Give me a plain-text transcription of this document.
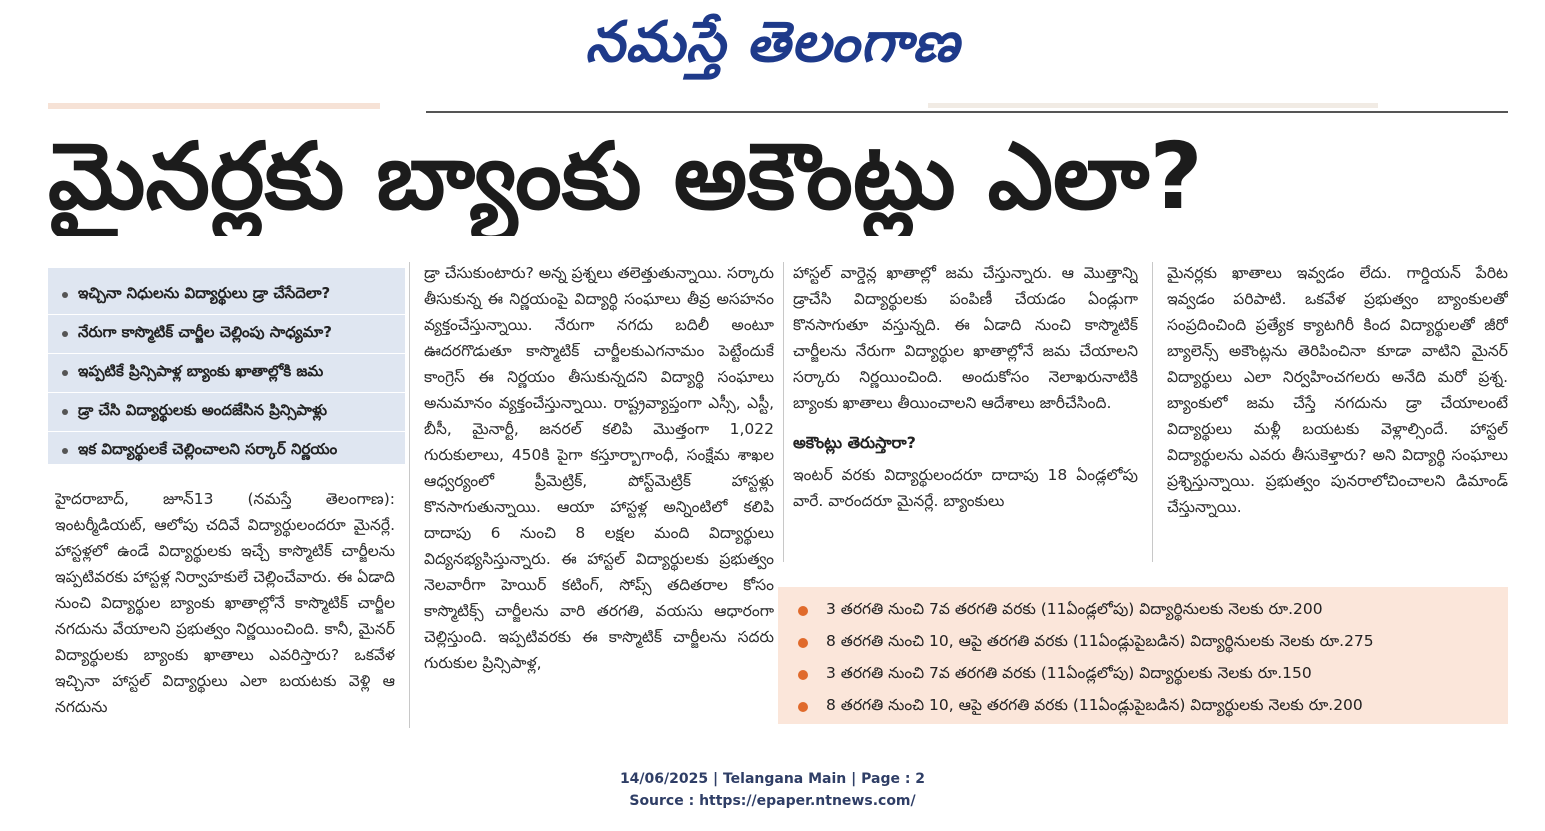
నమస్తే తెలంగాణ
మైనర్లకు బ్యాంకు అకౌంట్లు ఎలా?
ఇచ్చినా నిధులను విద్యార్థులు డ్రా చేసేదెలా?
నేరుగా కాస్మొటిక్ చార్జీల చెల్లింపు సాధ్యమా?
ఇప్పటికే ప్రిన్సిపాళ్ల బ్యాంకు ఖాతాల్లోకి జమ
డ్రా చేసి విద్యార్థులకు అందజేసిన ప్రిన్సిపాళ్లు
ఇక విద్యార్థులకే చెల్లించాలని సర్కార్ నిర్ణయం

హైదరాబాద్, జూన్13 (నమస్తే తెలంగాణ): ఇంటర్మీడియట్, ఆలోపు చదివే విద్యార్థులందరూ మైనర్లే. హాస్టళ్లలో ఉండే విద్యార్థులకు ఇచ్చే కాస్మొటిక్ చార్జీలను ఇప్పటివరకు హాస్టళ్ల నిర్వాహకులే చెల్లించేవారు. ఈ ఏడాది నుంచి విద్యార్థుల బ్యాంకు ఖాతాల్లోనే కాస్మొటిక్ చార్జీల నగదును వేయాలని ప్రభుత్వం నిర్ణయించింది. కానీ, మైనర్ విద్యార్థులకు బ్యాంకు ఖాతాలు ఎవరిస్తారు? ఒకవేళ ఇచ్చినా హాస్టల్ విద్యార్థులు ఎలా బయటకు వెళ్లి ఆ నగదును

డ్రా చేసుకుంటారు? అన్న ప్రశ్నలు తలెత్తుతున్నాయి. సర్కారు తీసుకున్న ఈ నిర్ణయంపై విద్యార్థి సంఘాలు తీవ్ర అసహనం వ్యక్తంచేస్తున్నాయి. నేరుగా నగదు బదిలీ అంటూ ఊదరగొడుతూ కాస్మొటిక్ చార్జీలకుఎగనామం పెట్టేందుకే కాంగ్రెస్ ఈ నిర్ణయం తీసుకున్నదని విద్యార్థి సంఘాలు అనుమానం వ్యక్తంచేస్తున్నాయి. రాష్ట్రవ్యాప్తంగా ఎస్సీ, ఎస్టీ, బీసీ, మైనార్టీ, జనరల్ కలిపి మొత్తంగా 1,022 గురుకులాలు, 450కి పైగా కస్తూర్బాగాంధీ, సంక్షేమ శాఖల ఆధ్వర్యంలో ప్రీమెట్రిక్, పోస్ట్‌మెట్రిక్ హాస్టళ్లు కొనసాగుతున్నాయి. ఆయా హాస్టళ్ల అన్నింటిలో కలిపి దాదాపు 6 నుంచి 8 లక్షల మంది విద్యార్థులు విద్యనభ్యసిస్తున్నారు. ఈ హాస్టల్ విద్యార్థులకు ప్రభుత్వం నెలవారీగా హెయిర్ కటింగ్, సోప్స్ తదితరాల కోసం కాస్మొటిక్స్ చార్జీలను వారి తరగతి, వయసు ఆధారంగా చెల్లిస్తుంది. ఇప్పటివరకు ఈ కాస్మొటిక్ చార్జీలను సదరు గురుకుల ప్రిన్సిపాళ్ల,

హాస్టల్ వార్డెన్ల ఖాతాల్లో జమ చేస్తున్నారు. ఆ మొత్తాన్ని డ్రాచేసి విద్యార్థులకు పంపిణీ చేయడం ఏండ్లుగా కొనసాగుతూ వస్తున్నది. ఈ ఏడాది నుంచి కాస్మొటిక్ చార్జీలను నేరుగా విద్యార్థుల ఖాతాల్లోనే జమ చేయాలని సర్కారు నిర్ణయించింది. అందుకోసం నెలాఖరునాటికి బ్యాంకు ఖాతాలు తీయించాలని ఆదేశాలు జారీచేసింది.

అకౌంట్లు తెరుస్తారా?

ఇంటర్ వరకు విద్యార్థులందరూ దాదాపు 18 ఏండ్లలోపు వారే. వారందరూ మైనర్లే. బ్యాంకులు

మైనర్లకు ఖాతాలు ఇవ్వడం లేదు. గార్డియన్ పేరిట ఇవ్వడం పరిపాటి. ఒకవేళ ప్రభుత్వం బ్యాంకులతో సంప్రదించింది ప్రత్యేక క్యాటగిరీ కింద విద్యార్థులతో జీరో బ్యాలెన్స్ అకౌంట్లను తెరిపించినా కూడా వాటిని మైనర్ విద్యార్థులు ఎలా నిర్వహించగలరు అనేది మరో ప్రశ్న. బ్యాంకులో జమ చేస్తే నగదును డ్రా చేయాలంటే విద్యార్థులు మళ్లీ బయటకు వెళ్లాల్సిందే. హాస్టల్ విద్యార్థులను ఎవరు తీసుకెళ్తారు? అని విద్యార్థి సంఘాలు ప్రశ్నిస్తున్నాయి. ప్రభుత్వం పునరాలోచించాలని డిమాండ్ చేస్తున్నాయి.

3 తరగతి నుంచి 7వ తరగతి వరకు (11ఏండ్లలోపు) విద్యార్థినులకు నెలకు రూ.200
8 తరగతి నుంచి 10, ఆపై తరగతి వరకు (11ఏండ్లుపైబడిన) విద్యార్థినులకు నెలకు రూ.275
3 తరగతి నుంచి 7వ తరగతి వరకు (11ఏండ్లలోపు) విద్యార్థులకు నెలకు రూ.150
8 తరగతి నుంచి 10, ఆపై తరగతి వరకు (11ఏండ్లుపైబడిన) విద్యార్థులకు నెలకు రూ.200
14/06/2025 | Telangana Main | Page : 2
Source : https://epaper.ntnews.com/
